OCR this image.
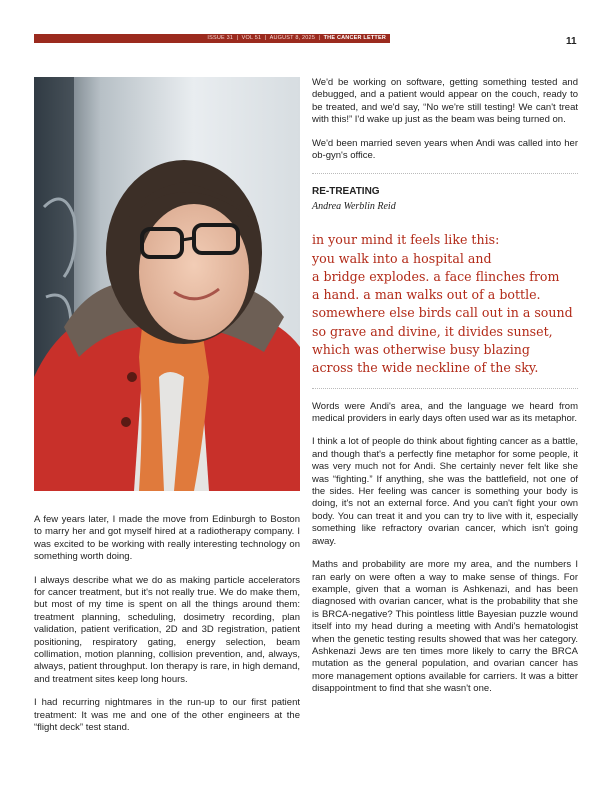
ISSUE 31  |  VOL 51  |  AUGUST 8, 2025  |  THE CANCER LETTER	11

A few years later, I made the move from Edinburgh to Boston to marry her and got myself hired at a radiotherapy company. I was excited to be working with really interesting technology on something worth doing.

I always describe what we do as making particle accelerators for cancer treatment, but it's not really true. We do make them, but most of my time is spent on all the things around them: treatment planning, scheduling, dosimetry recording, plan validation, patient verification, 2D and 3D registration, patient positioning, respiratory gating, energy selection, beam collimation, motion planning, collision prevention, and, always, always, patient throughput. Ion therapy is rare, in high demand, and treatment sites keep long hours.

I had recurring nightmares in the run-up to our first patient treatment: It was me and one of the other engineers at the “flight deck” test stand.

We'd be working on software, getting something tested and debugged, and a patient would appear on the couch, ready to be treated, and we'd say, “No we're still testing! We can't treat with this!” I'd wake up just as the beam was being turned on.

We'd been married seven years when Andi was called into her ob-gyn's office.

RE-TREATING
Andrea Werblin Reid
in your mind it feels like this:
you walk into a hospital and
a bridge explodes. a face flinches from
a hand. a man walks out of a bottle.
somewhere else birds call out in a sound
so grave and divine, it divides sunset,
which was otherwise busy blazing
across the wide neckline of the sky.

Words were Andi's area, and the language we heard from medical providers in early days often used war as its metaphor.

I think a lot of people do think about fighting cancer as a battle, and though that's a perfectly fine metaphor for some people, it was very much not for Andi. She certainly never felt like she was “fighting.” If anything, she was the battlefield, not one of the sides. Her feeling was cancer is something your body is doing, it's not an external force. And you can't fight your own body. You can treat it and you can try to live with it, especially something like refractory ovarian cancer, which isn't going away.

Maths and probability are more my area, and the numbers I ran early on were often a way to make sense of things. For example, given that a woman is Ashkenazi, and has been diagnosed with ovarian cancer, what is the probability that she is BRCA-negative? This pointless little Bayesian puzzle wound itself into my head during a meeting with Andi's hematologist when the genetic testing results showed that was her category. Ashkenazi Jews are ten times more likely to carry the BRCA mutation as the general population, and ovarian cancer has more management options available for carriers. It was a bitter disappointment to find that she wasn't one.
